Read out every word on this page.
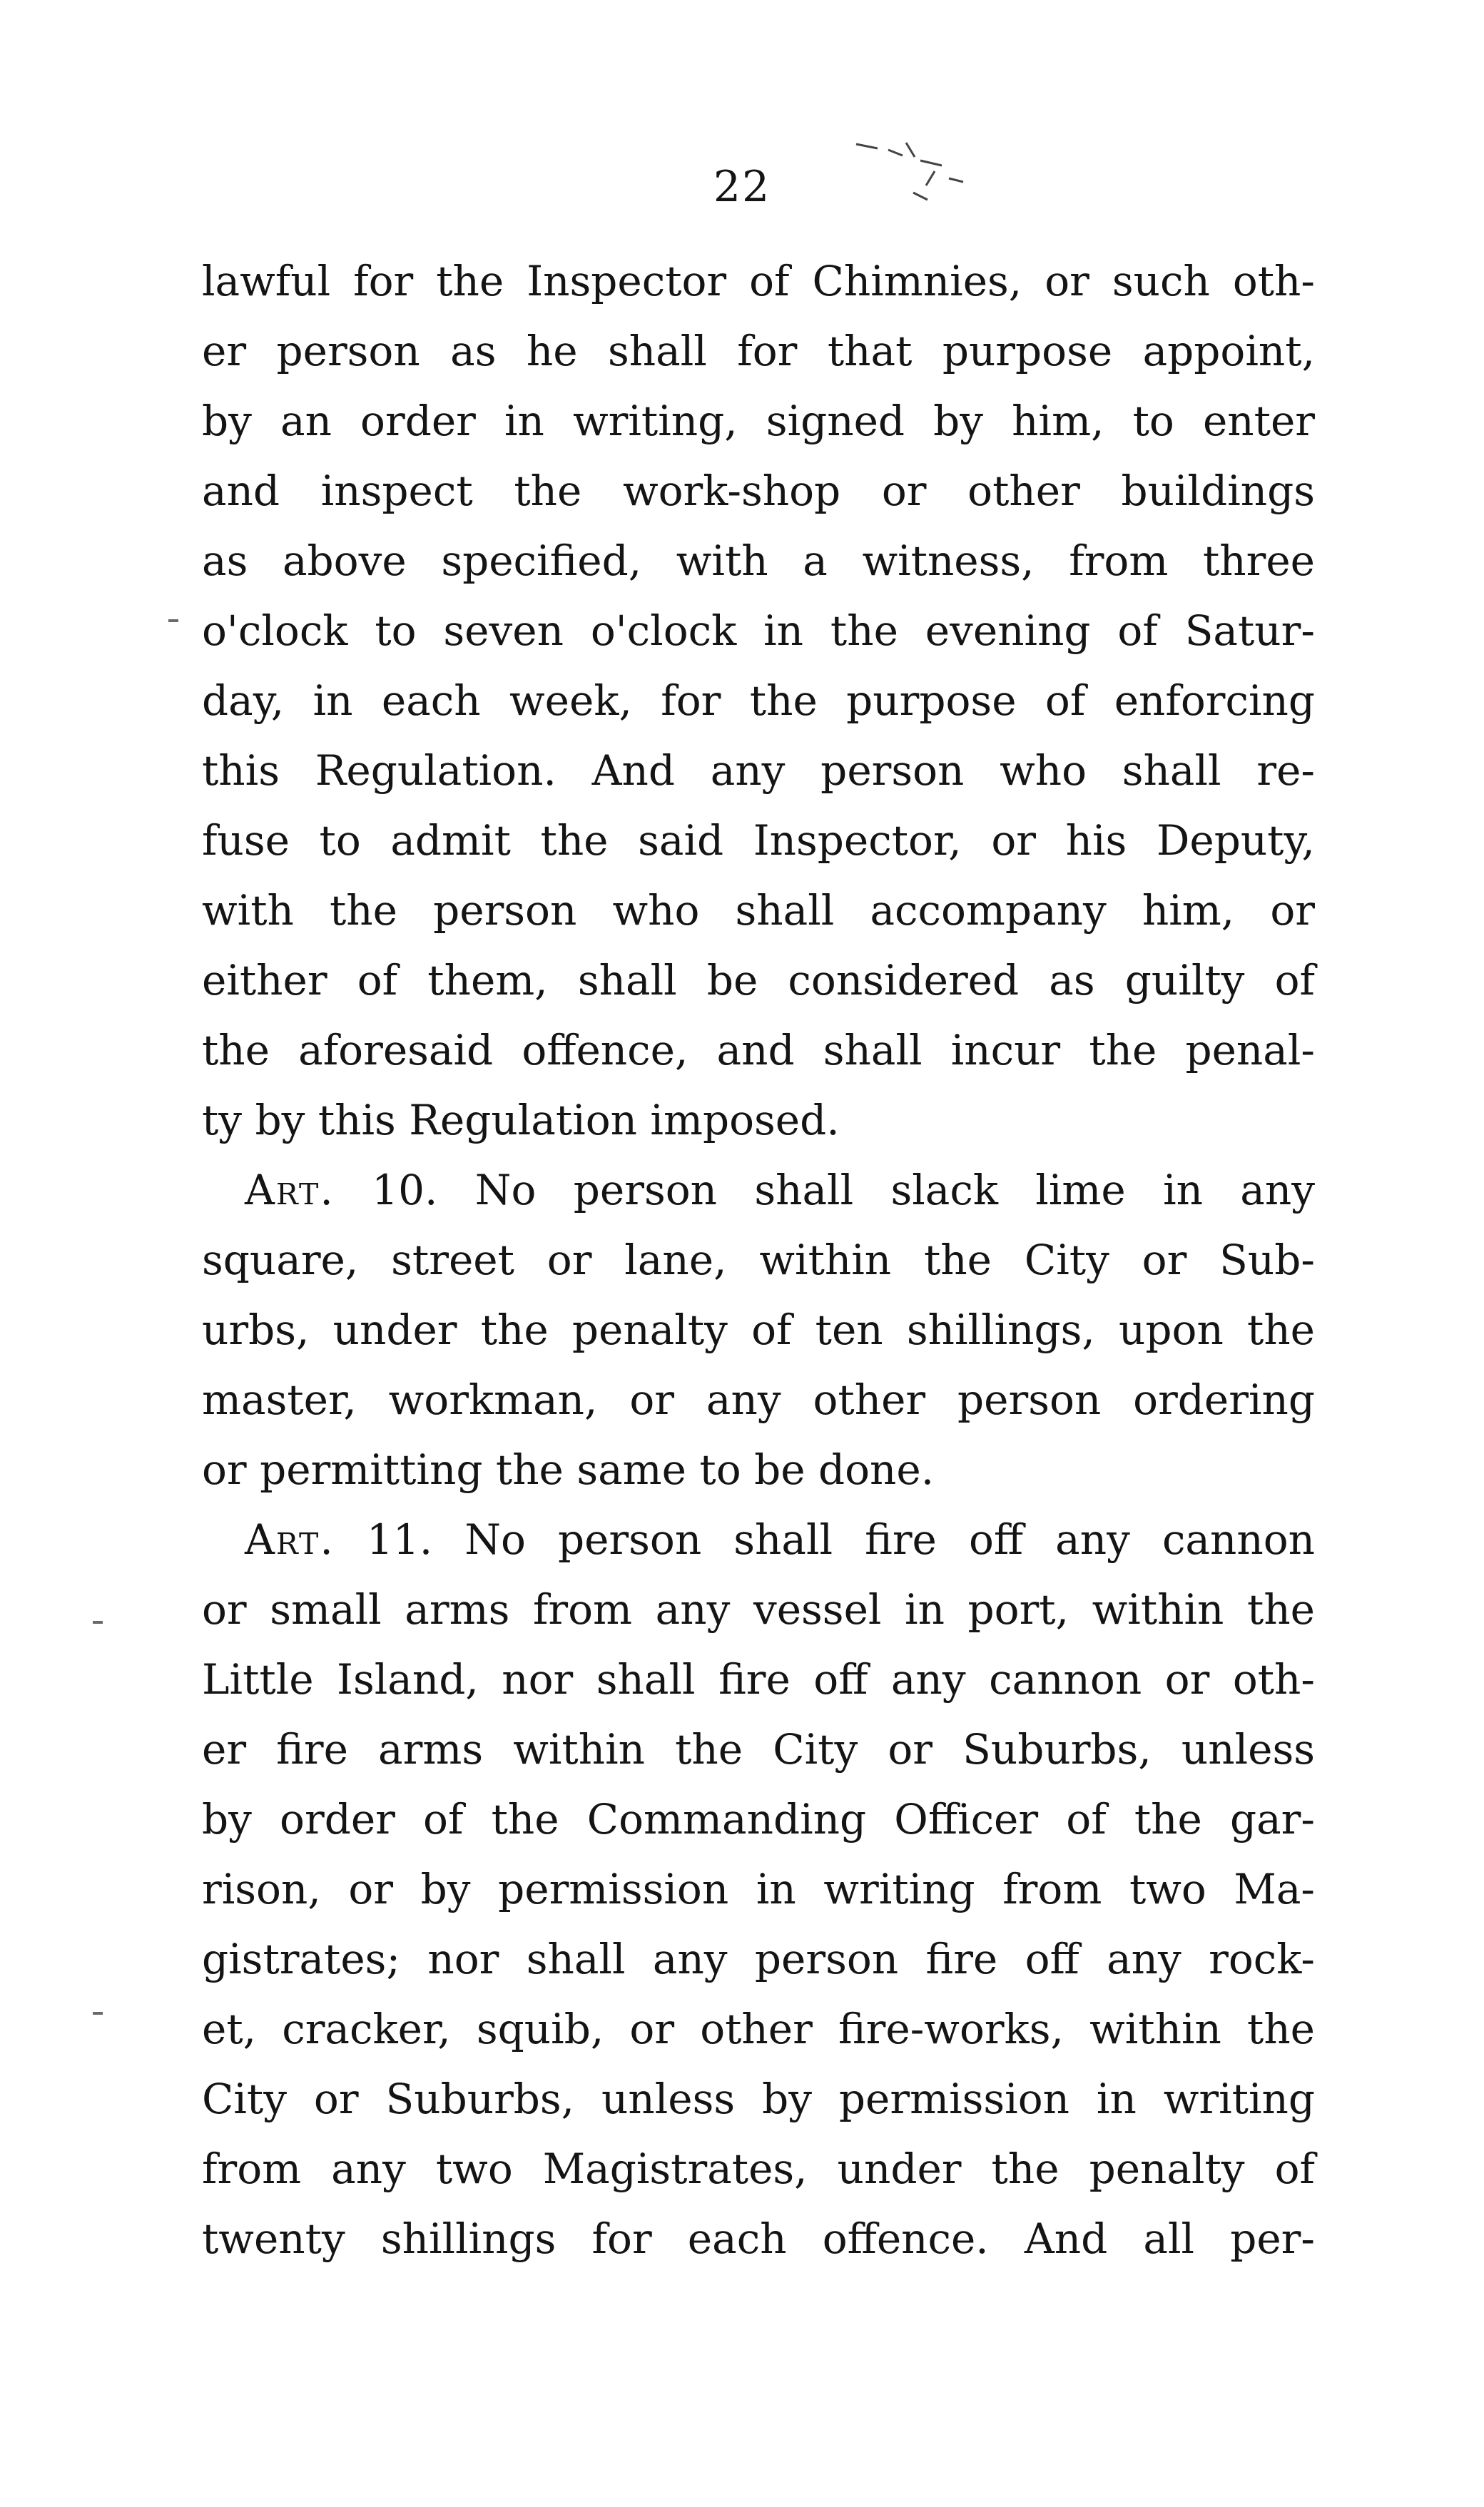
22
lawful for the Inspector of Chimnies, or such oth-
er person as he shall for that purpose appoint,
by an order in writing, signed by him, to enter
and inspect the work-shop or other buildings
as above specified, with a witness, from three
o'clock to seven o'clock in the evening of Satur-
day, in each week, for the purpose of enforcing
this Regulation. And any person who shall re-
fuse to admit the said Inspector, or his Deputy,
with the person who shall accompany him, or
either of them, shall be considered as guilty of
the aforesaid offence, and shall incur the penal-
ty by this Regulation imposed.
Art. 10. No person shall slack lime in any
square, street or lane, within the City or Sub-
urbs, under the penalty of ten shillings, upon the
master, workman, or any other person ordering
or permitting the same to be done.
Art. 11. No person shall fire off any cannon
or small arms from any vessel in port, within the
Little Island, nor shall fire off any cannon or oth-
er fire arms within the City or Suburbs, unless
by order of the Commanding Officer of the gar-
rison, or by permission in writing from two Ma-
gistrates; nor shall any person fire off any rock-
et, cracker, squib, or other fire-works, within the
City or Suburbs, unless by permission in writing
from any two Magistrates, under the penalty of
twenty shillings for each offence. And all per-
